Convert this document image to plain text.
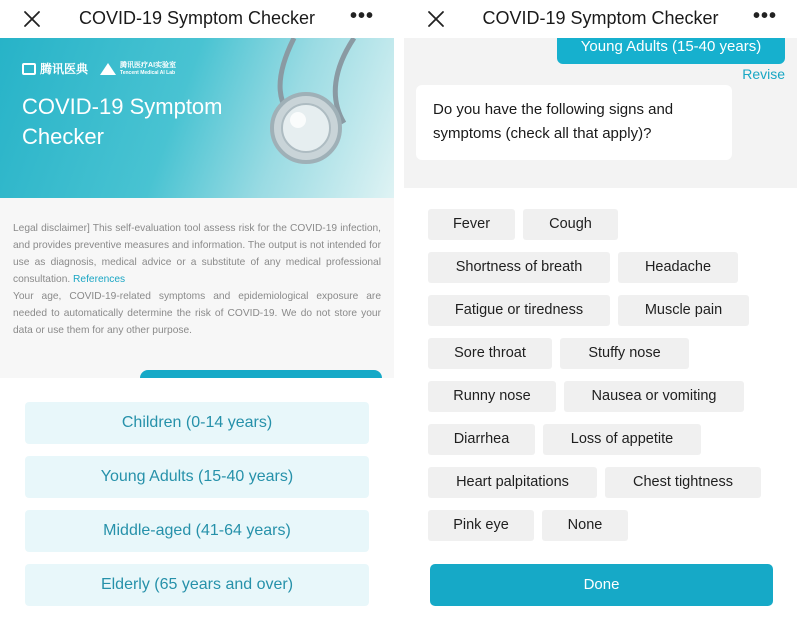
COVID-19 Symptom Checker	•••
腾讯医典	腾讯医疗AI实验室
Tencent Medical AI Lab
COVID-19 Symptom
Checker

Legal disclaimer] This self-evaluation tool assess risk for the COVID-19 infection, and provides preventive measures and information. The output is not intended for use as diagnosis, medical advice or a substitute of any medical professional consultation. References
Your age, COVID-19-related symptoms and epidemiological exposure are needed to automatically determine the risk of COVID-19. We do not store your data or use them for any other purpose.

Children (0-14 years)
Young Adults (15-40 years)
Middle-aged (41-64 years)
Elderly (65 years and over)
Young Adults (15-40 years)
Revise
Do you have the following signs and symptoms (check all that apply)?
COVID-19 Symptom Checker	•••
Fever	Cough
Shortness of breath	Headache
Fatigue or tiredness	Muscle pain
Sore throat	Stuffy nose
Runny nose	Nausea or vomiting
Diarrhea	Loss of appetite
Heart palpitations	Chest tightness
Pink eye	None
Done
